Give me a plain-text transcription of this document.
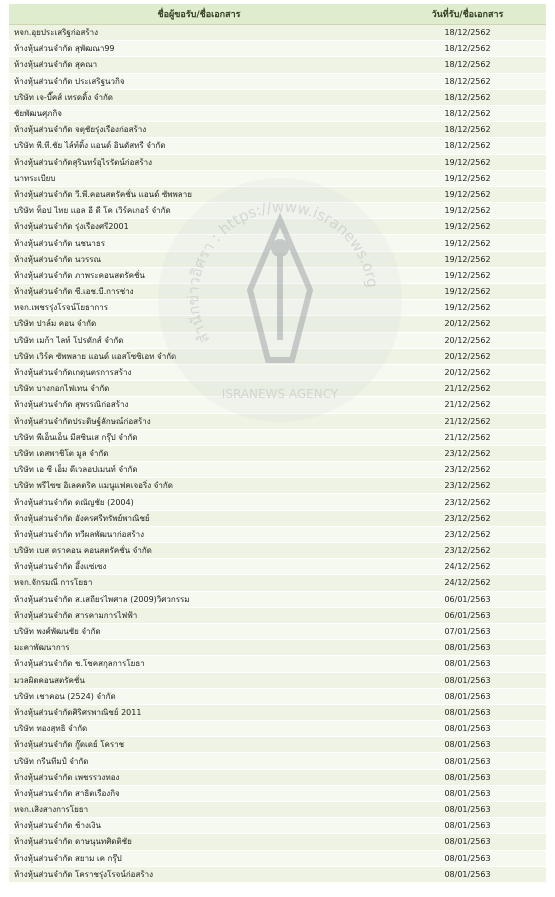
ชื่อผู้ขอรับ/ชื่อเอกสาร	วันที่รับ/ชื่อเอกสาร
หจก.อุยประเสริฐก่อสร้าง	18/12/2562
ห้างหุ้นส่วนจำกัด สุพัฒณา99	18/12/2562
ห้างหุ้นส่วนจำกัด สุคณา	18/12/2562
ห้างหุ้นส่วนจำกัด ประเสริฐนวกิจ	18/12/2562
บริษัท เจ-บี๊คส์ เทรดดิ้ง จำกัด	18/12/2562
ชัยพัฒนศุภกิจ	18/12/2562
ห้างหุ้นส่วนจำกัด จตุชัยรุ่งเรืองก่อสร้าง	18/12/2562
บริษัท พี.ที.ชัย ไล์ท์ติ้ง แอนด์ อินดัสทรี จำกัด	18/12/2562
ห้างหุ้นส่วนจำกัดสุรินทร์อุไรรัตน์ก่อสร้าง	19/12/2562
นาทระเบียบ	19/12/2562
ห้างหุ้นส่วนจำกัด วี.พี.คอนสตรัคชั่น แอนด์ ซัพพลาย	19/12/2562
บริษัท ท็อป ไทย แอล อี ดี โค เวิร์คเกอร์ จำกัด	19/12/2562
ห้างหุ้นส่วนจำกัด รุ่งเรืองศรี2001	19/12/2562
ห้างหุ้นส่วนจำกัด นชนาธร	19/12/2562
ห้างหุ้นส่วนจำกัด นวรรณ	19/12/2562
ห้างหุ้นส่วนจำกัด ภาพระคอนสตรัคชั่น	19/12/2562
ห้างหุ้นส่วนจำกัด ซี.เอช.บี.การช่าง	19/12/2562
หจก.เพชรรุ่งโรจน์โยธาการ	19/12/2562
บริษัท ปาล์ม คอน จำกัด	20/12/2562
บริษัท เมก้า ไลท์ โปรดักส์ จำกัด	20/12/2562
บริษัท เวิร์ค ซัพพลาย แอนด์ แอสโซซิเอท จำกัด	20/12/2562
ห้างหุ้นส่วนจำกัดเกดุนตรการสร้าง	20/12/2562
บริษัท บางกอกไฟเทน จำกัด	21/12/2562
ห้างหุ้นส่วนจำกัด สุพรรณิก่อสร้าง	21/12/2562
ห้างหุ้นส่วนจำกัดประดิษฐ์ลักษณ์ก่อสร้าง	21/12/2562
บริษัท พีเอ็นเอ็น มีสซินเส กรุ๊ป จำกัด	21/12/2562
บริษัท เดสพาชิโต มูล จำกัด	23/12/2562
บริษัท เอ ซี เอ็ม ดีเวลอปเมนท์ จำกัด	23/12/2562
บริษัท พรีไซซ อิเลคตริค แมนูแฟคเจอริ่ง จำกัด	23/12/2562
ห้างหุ้นส่วนจำกัด ดณัญชัย (2004)	23/12/2562
ห้างหุ้นส่วนจำกัด อังครศรีทรัพย์พาณิชย์	23/12/2562
ห้างหุ้นส่วนจำกัด ทวีผลพัฒนาก่อสร้าง	23/12/2562
บริษัท เบส ดราคอน คอนสตรัคชั่น จำกัด	23/12/2562
ห้างหุ้นส่วนจำกัด อึ้งแซ่เซง	24/12/2562
หจก.จักรมณี การโยธา	24/12/2562
ห้างหุ้นส่วนจำกัด ส.เสถียรไพศาล (2009)วิศวกรรม	06/01/2563
ห้างหุ้นส่วนจำกัด สารคามการไฟฟ้า	06/01/2563
บริษัท พงศ์พัฒนชัย จำกัด	07/01/2563
มะคาพัฒนาการ	08/01/2563
ห้างหุ้นส่วนจำกัด ช.โชคสกุลการโยธา	08/01/2563
มวลผิดคอนสตรัคชั่น	08/01/2563
บริษัท เชาคอน (2524) จำกัด	08/01/2563
ห้างหุ้นส่วนจำกัดศิริศรพาณิชย์ 2011	08/01/2563
บริษัท ทองสุทธิ จำกัด	08/01/2563
ห้างหุ้นส่วนจำกัด กู๊ดเดย์ โคราช	08/01/2563
บริษัท กรีนทีมป์ จำกัด	08/01/2563
ห้างหุ้นส่วนจำกัด เพชรรวงทอง	08/01/2563
ห้างหุ้นส่วนจำกัด สาธิตเรืองกิจ	08/01/2563
หจก.เสิงสางการโยธา	08/01/2563
ห้างหุ้นส่วนจำกัด ช้างเงิน	08/01/2563
ห้างหุ้นส่วนจำกัด ดาษนุนทศิดติชัย	08/01/2563
ห้างหุ้นส่วนจำกัด สยาม เค กรุ๊ป	08/01/2563
ห้างหุ้นส่วนจำกัด โคราชรุ่งโรจน์ก่อสร้าง	08/01/2563
สำนักข่าวอิศรา : https://www.isranews.org
ISRANEWS AGENCY
